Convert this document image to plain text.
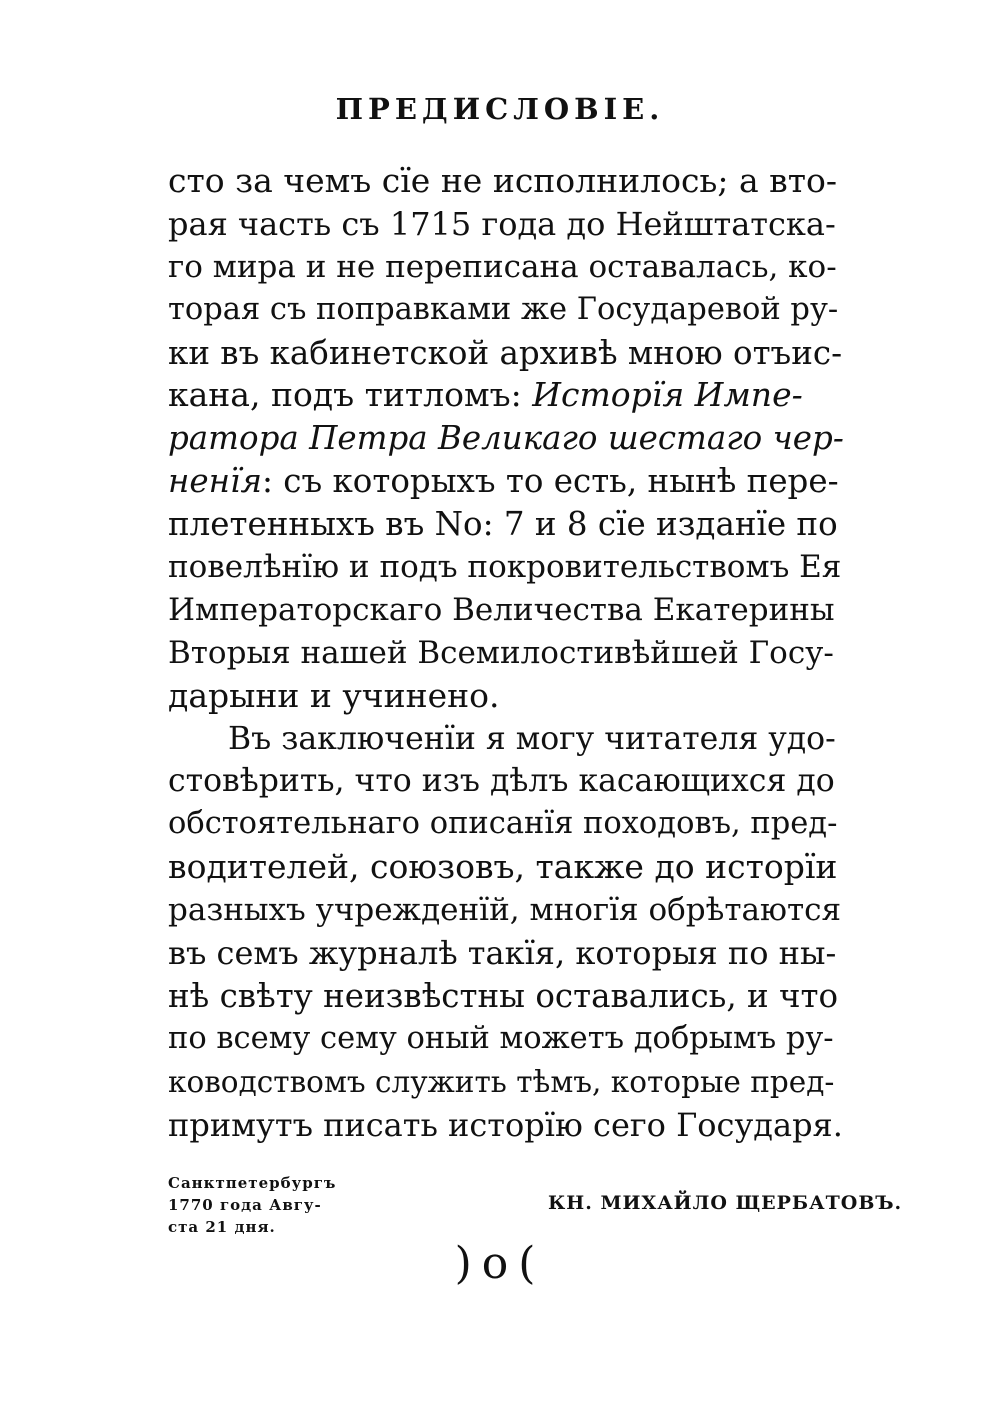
ПРЕДИСЛОВІЕ.
сто за чемъ сїе не исполнилось; а вто-
рая часть съ 1715 года до Нейштатска-
го мира и не переписана оставалась, ко-
торая съ поправками же Государевой ру-
ки въ кабинетской архивѣ мною отъис-
кана, подъ титломъ: Исторїя Импе-
ратора Петра Великаго шестаго чер-
ненїя: съ которыхъ то есть, нынѣ пере-
плетенныхъ въ No: 7 и 8 сїе изданїе по
повелѣнїю и подъ покровительствомъ Ея
Императорскаго Величества Екатерины
Вторыя нашей Всемилостивѣйшей Госу-
дарыни и учинено.
Въ заключенїи я могу читателя удо-
стовѣрить, что изъ дѣлъ касающихся до
обстоятельнаго описанїя походовъ, пред-
водителей, союзовъ, также до исторїи
разныхъ учрежденїй, многїя обрѣтаются
въ семъ журналѣ такїя, которыя по ны-
нѣ свѣту неизвѣстны оставались, и что
по всему сему оный можетъ добрымъ ру-
ководствомъ служить тѣмъ, которые пред-
примутъ писать исторїю сего Государя.
Санктпетербургъ
1770 года Авгу-
ста 21 дня.
КН. МИХАЙЛО ЩЕРБАТОВЪ.
)o(
